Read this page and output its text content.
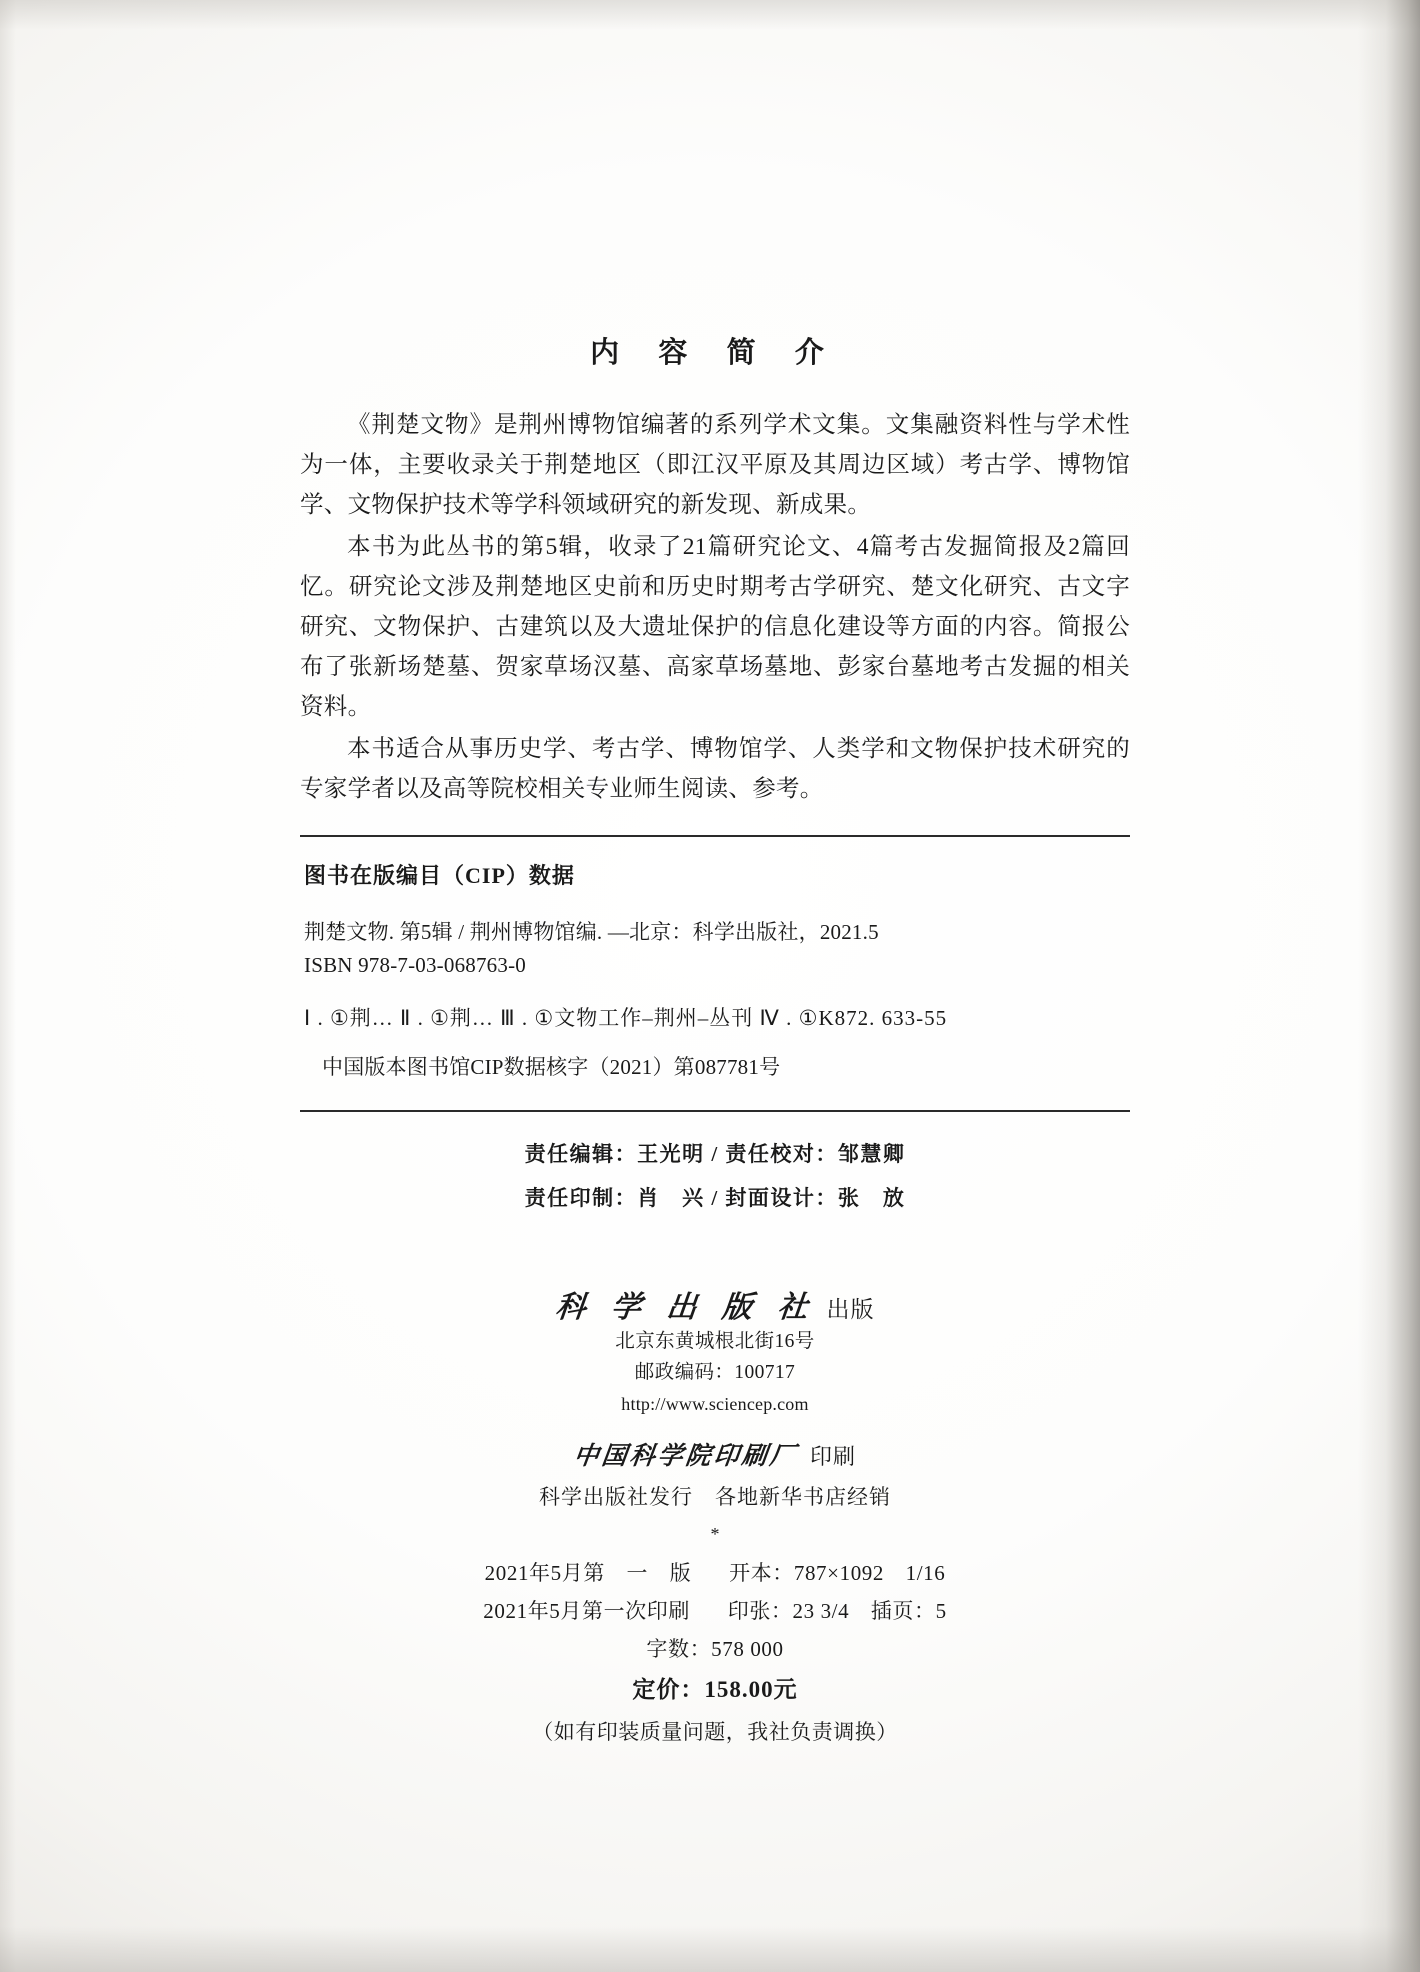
内 容 简 介

《荆楚文物》是荆州博物馆编著的系列学术文集。文集融资料性与学术性为一体，主要收录关于荆楚地区（即江汉平原及其周边区域）考古学、博物馆学、文物保护技术等学科领域研究的新发现、新成果。

本书为此丛书的第5辑，收录了21篇研究论文、4篇考古发掘简报及2篇回忆。研究论文涉及荆楚地区史前和历史时期考古学研究、楚文化研究、古文字研究、文物保护、古建筑以及大遗址保护的信息化建设等方面的内容。简报公布了张新场楚墓、贺家草场汉墓、高家草场墓地、彭家台墓地考古发掘的相关资料。

本书适合从事历史学、考古学、博物馆学、人类学和文物保护技术研究的专家学者以及高等院校相关专业师生阅读、参考。

图书在版编目（CIP）数据
荆楚文物. 第5辑 / 荆州博物馆编. —北京：科学出版社，2021.5
ISBN 978-7-03-068763-0
Ⅰ . ①荆… Ⅱ . ①荆… Ⅲ . ①文物工作–荆州–丛刊 Ⅳ . ①K872. 633-55
中国版本图书馆CIP数据核字（2021）第087781号
责任编辑：王光明 / 责任校对：邹慧卿
责任印制：肖　兴 / 封面设计：张　放
科 学 出 版 社 出版
北京东黄城根北街16号
邮政编码：100717
http://www.sciencep.com
中国科学院印刷厂 印刷
科学出版社发行　各地新华书店经销
*
2021年5月第　一　版 开本：787×1092　1/16
2021年5月第一次印刷 印张：23 3/4　插页：5
字数：578 000
定价：158.00元
（如有印装质量问题，我社负责调换）
